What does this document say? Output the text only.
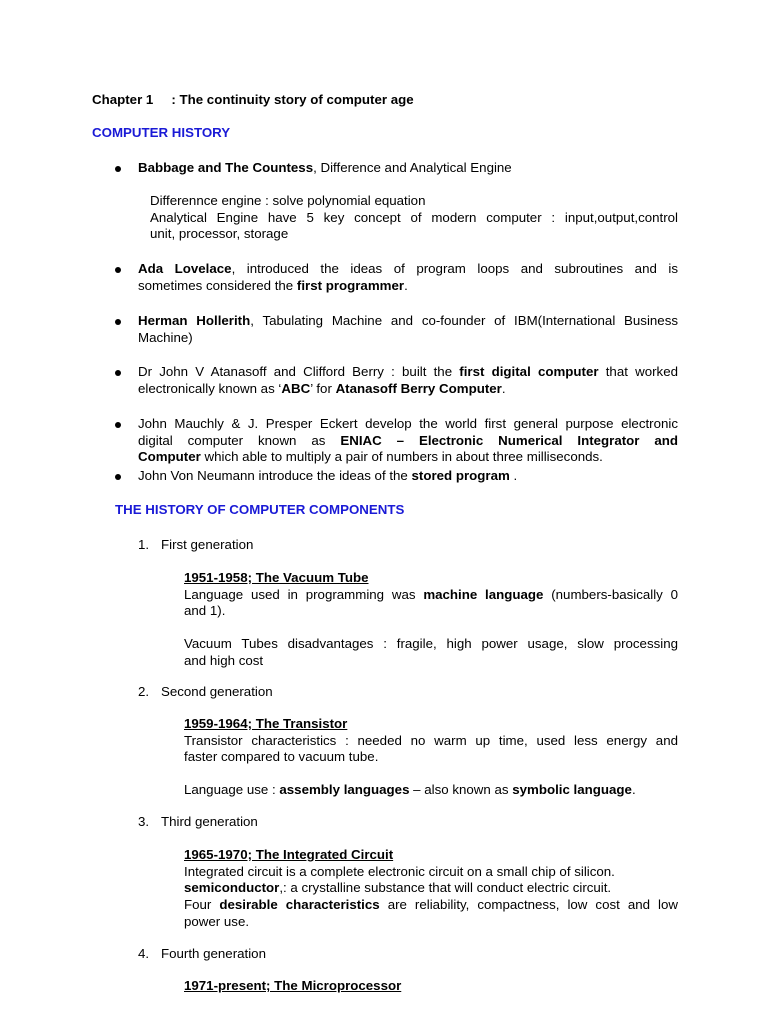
Chapter 1 : The continuity story of computer age
COMPUTER HISTORY
Babbage and The Countess, Difference and Analytical Engine
Differennce engine : solve polynomial equation
Analytical Engine have 5 key concept of modern computer : input,output,control
unit, processor, storage
Ada Lovelace, introduced the ideas of program loops and subroutines and is
sometimes considered the first programmer.
Herman Hollerith, Tabulating Machine and co-founder of IBM(International Business
Machine)
Dr John V Atanasoff and Clifford Berry : built the first digital computer that worked
electronically known as ‘ABC’ for Atanasoff Berry Computer.
John Mauchly & J. Presper Eckert develop the world first general purpose electronic
digital computer known as ENIAC – Electronic Numerical Integrator and
Computer which able to multiply a pair of numbers in about three milliseconds.
John Von Neumann introduce the ideas of the stored program .
THE HISTORY OF COMPUTER COMPONENTS
1. First generation
1951-1958; The Vacuum Tube
Language used in programming was machine language (numbers-basically 0
and 1).
Vacuum Tubes disadvantages : fragile, high power usage, slow processing
and high cost
2. Second generation
1959-1964; The Transistor
Transistor characteristics : needed no warm up time, used less energy and
faster compared to vacuum tube.
Language use : assembly languages – also known as symbolic language.
3. Third generation
1965-1970; The Integrated Circuit
Integrated circuit is a complete electronic circuit on a small chip of silicon.
semiconductor,: a crystalline substance that will conduct electric circuit.
Four desirable characteristics are reliability, compactness, low cost and low
power use.
4. Fourth generation
1971-present; The Microprocessor
